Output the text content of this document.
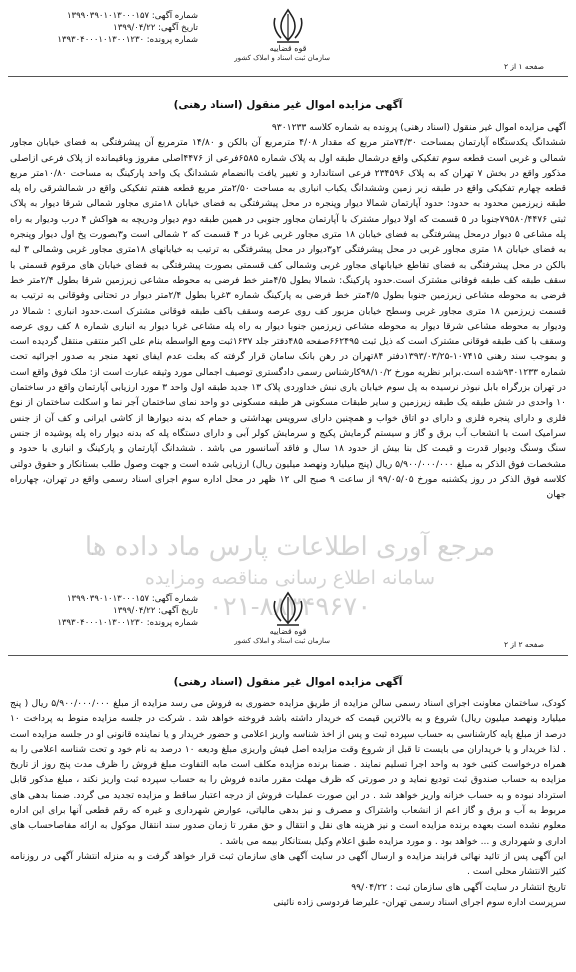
شماره آگهی: ۱۳۹۹۰۳۹۰۱۰۱۳۰۰۰۱۵۷
تاریخ آگهی: ۱۳۹۹/۰۴/۲۲
شماره پرونده: ۱۳۹۳۰۴۰۰۰۱۰۱۳۰۰۱۲۳۰
قوه قضاییه
سازمان ثبت اسناد و املاک کشور
صفحه ۱ از ۲
آگهی مزایده اموال غیر منقول (اسناد رهنی)

آگهی مزایده اموال غیر منقول (اسناد رهنی) پرونده به شماره کلاسه ۹۳۰۱۲۳۳

ششدانگ یکدستگاه آپارتمان بمساحت ۷۴/۳۰متر مربع که مقدار ۴/۰۸ مترمربع آن بالکن و ۱۴/۸۰ مترمربع آن پیشرفتگی به فضای خیابان مجاور شمالی و غربی است قطعه سوم تفکیکی واقع درشمال طبقه اول به پلاک شماره ۶۵۸۵فرعی از ۴۴۷۶اصلی مفروز وباقیمانده از پلاک فرعی ازاصلی مذکور واقع در بخش ۷ تهران که به پلاک ۲۳۴۵۹۶ فرعی استاندارد و تغییر یافت باانضمام ششدانگ یک واحد پارکینگ به مساحت ۱۰/۸۰متر مربع قطعه چهارم تفکیکی واقع در طبقه زیر زمین وششدانگ یکباب انباری به مساحت ۲/۵۰متر مربع قطعه هفتم تفکیکی واقع در شمالشرقی راه پله طبقه زیرزمین محدود به حدود: حدود آپارتمان شمالا دیوار وپنجره در محل پیشرفتگی به فضای خیابان ۱۸متری مجاور شمالی شرقا دیوار به پلاک ثبتی ۷۹۵۸۰/۴۴۷۶جنوبا در ۵ قسمت که اولا دیوار مشترک با آپارتمان مجاور جنوبی در همین طبقه دوم دیوار ودریچه به هواکش ۴ درب ودیوار به راه پله مشاعی ۵ دیوار درمحل پیشرفتگی به فضای خیابان ۱۸ متری مجاور غربی غربا در ۴ قسمت که ۲ شمالی است و۳بصورت پخ اول دیوار وپنجره به فضای خیابان ۱۸ متری مجاور غربی در محل پیشرفتگی ۲و۳دیوار در محل پیشرفتگی به ترتیب به خیابانهای ۱۸متری مجاور غربی وشمالی ۳ لبه بالکن در محل پیشرفتگی به فضای تقاطع خیابانهای مجاور غربی وشمالی کف قسمتی بصورت پیشرفتگی به فضای خیابان های مرقوم قسمتی با سقف طبقه کف طبقه فوقانی مشترک است.حدود پارکینگ: شمالا بطول ۴/۵متر خط فرضی به محوطه مشاعی زیرزمین شرقا بطول ۲/۴متر خط فرضی به محوطه مشاعی زیرزمین جنوبا بطول ۴/۵متر خط فرضی به پارکینگ شماره ۳غربا بطول ۲/۴متر دیوار در تحتانی وفوقانی به ترتیب به قسمت زیرزمین ۱۸ متری مجاور غربی وسطح خیابان مزبور کف روی عرصه وسقف باکف طبقه فوقانی مشترک است.حدود انباری : شمالا در ودیوار به محوطه مشاعی شرقا دیوار به محوطه مشاعی زیرزمین جنوبا دیوار به راه پله مشاعی غربا دیوار به انباری شماره ۸ کف روی عرصه وسقف با کف طبقه فوقانی مشترک است که ذیل ثبت ۶۶۲۴۹۵صفحه ۴۸۵دفتر جلد ۱۶۳۷ثبت ومع الواسطه بنام علی اکبر منتقی منتقل گردیده است و بموجب سند رهنی ۱۰۷۴۱۵-۱۳۹۳/۰۳/۲۵دفتر ۸۴تهران در رهن بانک سامان قرار گرفته که بعلت عدم ایفای تعهد منجر به صدور اجرائیه تحت شماره ۹۳۰۱۲۳۳شده است.برابر نظریه مورخ ۹۸/۱۰/۲کارشناس رسمی دادگستری توصیف اجمالی مورد وثیقه عبارت است از: ملک فوق واقع است در تهران بزرگراه بابل نبوذر نرسیده به پل سوم خیابان یاری نبش خداوردی پلاک ۱۳ جدید طبقه اول واحد ۳ مورد ارزیابی آپارتمان واقع در ساختمان ۱۰ واحدی در شش طبقه یک طبقه زیرزمین و سایر طبقات مسکونی هر طبقه مسکونی دو واحد نمای ساختمان آجر نما و اسکلت ساختمان از نوع فلزی و دارای پنجره فلزی و دارای دو اتاق خواب و همچنین دارای سرویس بهداشتی و حمام که بدنه دیوارها از کاشی ایرانی و کف آن از جنس سرامیک است با انشعاب آب برق و گاز و سیستم گرمایش پکیج و سرمایش کولر آبی و دارای دستگاه پله که بدنه دیوار راه پله پوشیده از جنس سنگ وسنگ ودیوار قدرت و قیمت کل بنا بیش از حدود ۱۸ سال و فاقد آسانسور می باشد . ششدانگ آپارتمان و پارکینگ و انباری با حدود و مشخصات فوق الذکر به مبلغ ۵/۹۰۰/۰۰۰/۰۰۰ ریال (پنج میلیارد ونهصد میلیون ریال) ارزیابی شده است و جهت وصول طلب بستانکار و حقوق دولتی کلاسه فوق الذکر در روز یکشنبه مورخ ۹۹/۰۵/۰۵ از ساعت ۹ صبح الی ۱۲ ظهر در محل اداره سوم اجرای اسناد رسمی واقع در تهران، چهارراه جهان

مرجع آوری اطلاعات پارس ماد داده ها
سامانه اطلاع رسانی مناقصه ومزایده
۰۲۱-۸۸۳۴۹۶۷۰
شماره آگهی: ۱۳۹۹۰۳۹۰۱۰۱۳۰۰۰۱۵۷
تاریخ آگهی: ۱۳۹۹/۰۴/۲۲
شماره پرونده: ۱۳۹۳۰۴۰۰۰۱۰۱۳۰۰۱۲۳۰
قوه قضاییه
سازمان ثبت اسناد و املاک کشور	صفحه ۲ از ۲
آگهی مزایده اموال غیر منقول (اسناد رهنی)

کودک، ساختمان معاونت اجرای اسناد رسمی سالن مزایده از طریق مزایده حضوری به فروش می رسد مزایده از مبلغ ۵/۹۰۰/۰۰۰/۰۰۰ ریال ( پنج میلیارد ونهصد میلیون ریال) شروع و به بالاترین قیمت که خریدار داشته باشد فروخته خواهد شد . شرکت در جلسه مزایده منوط به پرداخت ۱۰ درصد از مبلغ پایه کارشناسی به حساب سپرده ثبت و پس از اخذ شناسه واریز اعلامی و حضور خریدار و یا نماینده قانونی او در جلسه مزایده است . لذا خریدار و یا خریداران می بایست تا قبل از شروع وقت مزایده اصل فیش واریزی مبلغ ودیعه ۱۰ درصد به نام خود و تحت شناسه اعلامی را به همراه درخواست کتبی خود به واحد اجرا تسلیم نمایند . ضمنا برنده مزایده مکلف است مابه التفاوت مبلغ فروش را ظرف مدت پنج روز از تاریخ مزایده به حساب صندوق ثبت تودیع نماید و در صورتی که ظرف مهلت مقرر مانده فروش را به حساب سپرده ثبت واریز نکند ، مبلغ مذکور قابل استرداد نبوده و به حساب خزانه واریز خواهد شد . در این صورت عملیات فروش از درجه اعتبار ساقط و مزایده تجدید می گردد. ضمنا بدهی های مربوط به آب و برق و گاز اعم از انشعاب واشتراک و مصرف و نیز بدهی مالیاتی، عوارض شهرداری و غیره که رقم قطعی آنها برای این اداره معلوم نشده است بعهده برنده مزایده است و نیز هزینه های نقل و انتقال و حق مقرر تا زمان صدور سند انتقال موکول به ارائه مفاصاحساب های اداری و شهرداری و ... خواهد بود . و مورد مزایده طبق اعلام وکیل بستانکار بیمه می باشد .

این آگهی پس از تائید نهائی فرایند مزایده و ارسال آگهی در سایت آگهی های سازمان ثبت قرار خواهد گرفت و به منزله انتشار آگهی در روزنامه کثیر الانتشار محلی است .

تاریخ انتشار در سایت آگهی های سازمان ثبت : ۹۹/۰۴/۲۲

سرپرست اداره سوم اجرای اسناد رسمی تهران- علیرضا فردوسی زاده نائینی
